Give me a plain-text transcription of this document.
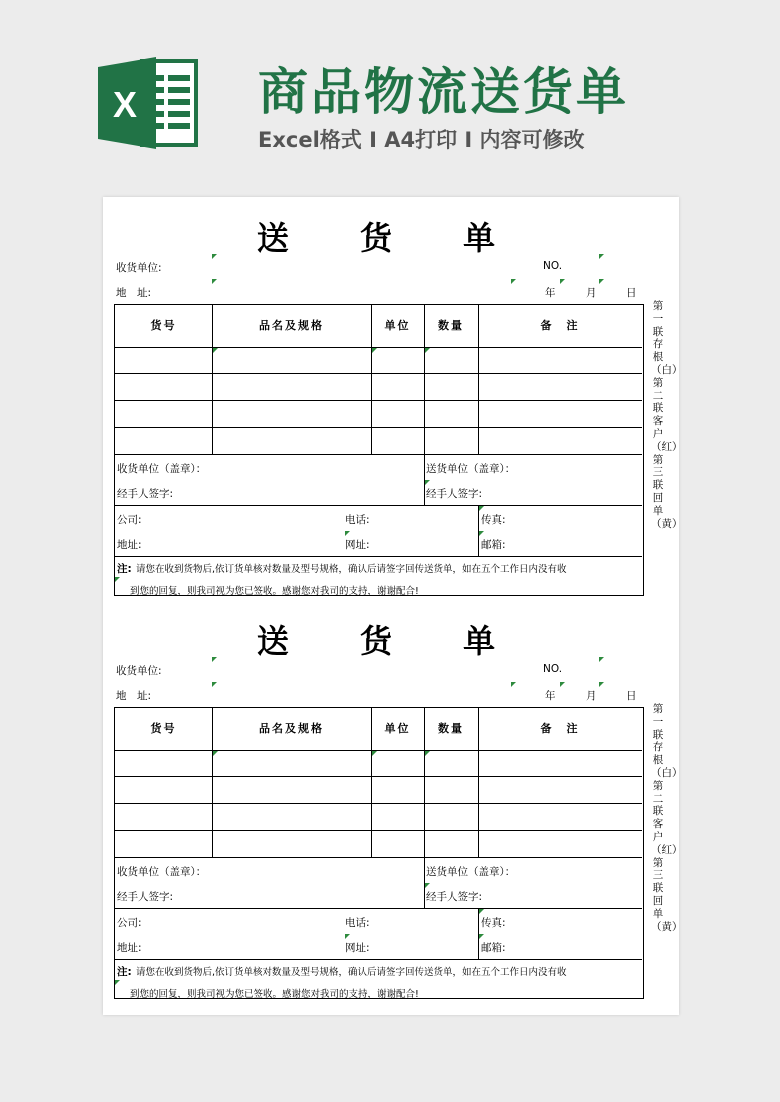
X 商品物流送货单
Excel格式 I A4打印 I 内容可修改
送 货 单
收货单位:	NO.
地　址:	年	月	日
货号	品名及规格	单位	数量	备　注
收货单位（盖章）：	送货单位（盖章）：
经手人签字:	经手人签字:
公司:	电话:	传真:
地址:	网址:	邮箱:
注: 请您在收到货物后,依订货单核对数量及型号规格，确认后请签字回传送货单，如在五个工作日内没有收
到您的回复，则我司视为您已签收。感谢您对我司的支持，谢谢配合!
第一联存根（白）第二联客户（红）第三联回单（黄）
送 货 单
收货单位:	NO.
地　址:	年	月	日
货号	品名及规格	单位	数量	备　注
收货单位（盖章）：	送货单位（盖章）：
经手人签字:	经手人签字:
公司:	电话:	传真:
地址:	网址:	邮箱:
注: 请您在收到货物后,依订货单核对数量及型号规格，确认后请签字回传送货单，如在五个工作日内没有收
到您的回复，则我司视为您已签收。感谢您对我司的支持，谢谢配合!
第一联存根（白）第二联客户（红）第三联回单（黄）
